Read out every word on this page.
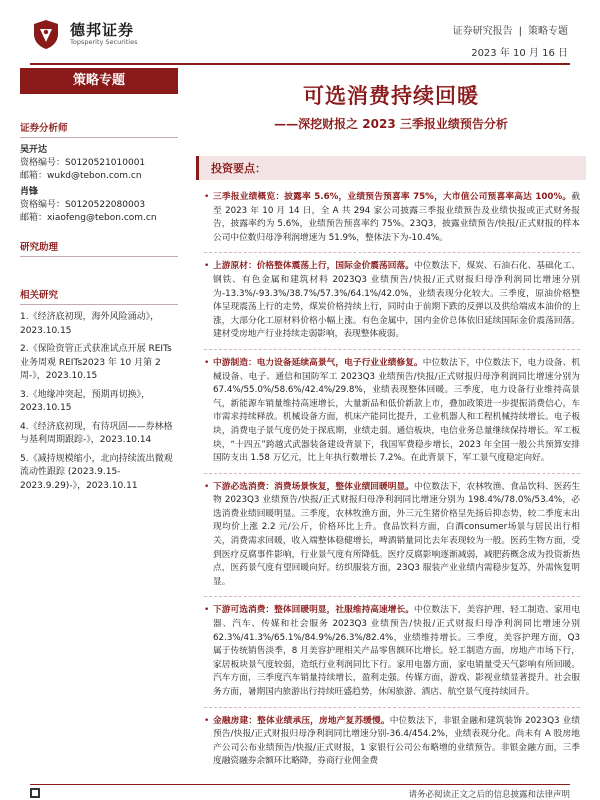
德邦证券
Topsperity Securities
证券研究报告 | 策略专题
2023 年 10 月 16 日
策略专题
证券分析师
吴开达
资格编号：S0120521010001
邮箱：wukd@tebon.com.cn
肖锋
资格编号：S0120522080003
邮箱：xiaofeng@tebon.com.cn
研究助理
相关研究
1.《经济底初现，海外风险涌动》，2023.10.15
2.《保险资管正式获准试点开展 REITs 业务周观 REITs2023 年 10 月第 2 周-》，2023.10.15
3.《地缘冲突起，预期再切换》，2023.10.15
4.《经济底初现，有待巩固——券林格与基利周期跟踪-》，2023.10.14
5.《减持规模缩小，北向持续流出微观流动性跟踪 (2023.9.15-2023.9.29)-》，2023.10.11
可选消费持续回暖
——深挖财报之 2023 三季报业绩预告分析
投资要点：
• 三季报业绩概览：披露率 5.6%，业绩预告预喜率 75%，大市值公司预喜率高达 100%。截至 2023 年 10 月 14 日，全 A 共 294 家公司披露三季报业绩预告及业绩快报或正式财务报告，披露率约为 5.6%，业绩预告预喜率约 75%。23Q3，披露业绩预告/快报/正式财报的样本公司中位数归母净利润增速为 51.9%，整体法下为-10.4%。
• 上游原材：价格整体震荡上行，国际金价震荡回落。中位数法下，煤炭、石油石化、基础化工、钢铁、有色金属和建筑材料 2023Q3 业绩预告/快报/正式财报归母净利润同比增速分别为-13.3%/-93.3%/38.7%/57.3%/64.1%/42.0%，业绩表现分化较大。三季度，原油价格整体呈现震荡上行的走势，煤炭价格持续上行，同时由于前期下跌的反弹以及供给端成本油价的上涨，大部分化工原材料价格小幅上涨。有色金属中，国内金价总体依旧延续国际金价震荡回落。建材受房地产行业持续走弱影响，表现整体疲弱。
• 中游制造：电力设备延续高景气，电子行业业绩修复。中位数法下，中位数法下，电力设备、机械设备、电子、通信和国防军工 2023Q3 业绩预告/快报/正式财报归母净利润同比增速分别为 67.4%/55.0%/58.6%/42.4%/29.8%，业绩表现整体回暖。三季度，电力设备行业维持高景气，新能源车销量维持高速增长，大量新品和低价新款上市，叠加政策进一步提振消费信心，车市需求持续释放。机械设备方面，机床产能同比提升，工业机器人和工程机械持续增长。电子板块，消费电子景气度仍处于探底期，业绩走弱。通信板块，电信业务总量继续保持增长。军工板块，“十四五”跨越式武器装备建设背景下，我国军费稳步增长，2023 年全国一般公共预算安排国防支出 1.58 万亿元，比上年执行数增长 7.2%。在此背景下，军工景气度稳定向好。
• 下游必选消费：消费场景恢复，整体业绩回暖明显。中位数法下，农林牧渔、食品饮料、医药生物 2023Q3 业绩预告/快报/正式财报归母净利润同比增速分别为 198.4%/78.0%/53.4%，必选消费业绩回暖明显。三季度，农林牧渔方面，外三元生猪价格呈先扬后抑态势，较二季度末出现均价上涨 2.2 元/公斤，价格环比上升。食品饮料方面，白酒consumer场景与居民出行相关，消费需求回暖，收入端整体稳健增长，啤酒销量同比去年表现较为一般。医药生物方面，受到医疗反腐事件影响，行业景气度有所降低。医疗反腐影响逐渐减弱，减肥药概念成为投资新热点，医药景气度有望回暖向好。纺织服装方面，23Q3 服装产业业绩内需稳步复苏，外需恢复明显。
• 下游可选消费：整体回暖明显，社服维持高速增长。中位数法下，美容护理、轻工制造、家用电器、汽车、传媒和社会服务 2023Q3 业绩预告/快报/正式财报归母净利润同比增速分别 62.3%/41.3%/65.1%/84.9%/26.3%/82.4%，业绩维持增长。三季度，美容护理方面，Q3 属于传统销售淡季，8 月美容护理相关产品零售额环比增长。轻工制造方面，房地产市场下行，家居板块景气度较弱，造纸行业利润同比下行。家用电器方面，家电销量受天气影响有所回暖。汽车方面，三季度汽车销量持续增长，盈利走强。传媒方面，游戏、影视业绩显著提升。社会服务方面，暑期国内旅游出行持续旺盛趋势，休闲旅游、酒店、航空景气度持续回升。
• 金融房建：整体业绩承压，房地产复苏缓慢。中位数法下，非银金融和建筑装饰 2023Q3 业绩预告/快报/正式财报归母净利润同比增速分别-36.4/454.2%，业绩表现分化。尚未有 A 股房地产公司公布业绩预告/快报/正式财报，1 家银行公司公布略增的业绩预告。非银金融方面，三季度融资融券余额环比略降，券商行业佣金费
请务必阅读正文之后的信息披露和法律声明
